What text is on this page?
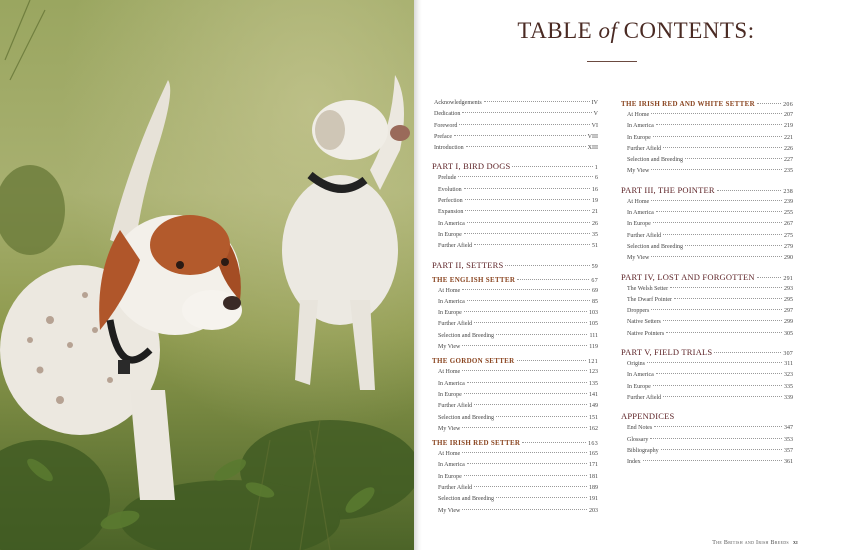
TABLE of CONTENTS:
Acknowledgements	IV
Dedication	V
Foreword	VI
Preface	VIII
Introduction	XIII
PART I, BIRD DOGS	1
Prelude	6
Evolution	16
Perfection	19
Expansion	21
In America	26
In Europe	35
Further Afield	51
PART II, SETTERS	59
THE ENGLISH SETTER	67
At Home	69
In America	85
In Europe	103
Further Afield	105
Selection and Breeding	111
My View	119
THE GORDON SETTER	121
At Home	123
In America	135
In Europe	141
Further Afield	149
Selection and Breeding	151
My View	162
THE IRISH RED SETTER	163
At Home	165
In America	171
In Europe	181
Further Afield	189
Selection and Breeding	191
My View	203
THE IRISH RED AND WHITE SETTER	206
At Home	207
In America	219
In Europe	221
Further Afield	226
Selection and Breeding	227
My View	235
PART III, THE POINTER	238
At Home	239
In America	255
In Europe	267
Further Afield	275
Selection and Breeding	279
My View	290
PART IV, LOST AND FORGOTTEN	291
The Welsh Setter	293
The Dwarf Pointer	295
Droppers	297
Native Setters	299
Native Pointers	305
PART V, FIELD TRIALS	307
Origins	311
In America	323
In Europe	335
Further Afield	339
APPENDICES
End Notes	347
Glossary	353
Bibliography	357
Index	361
The British and Irish Breeds xi
